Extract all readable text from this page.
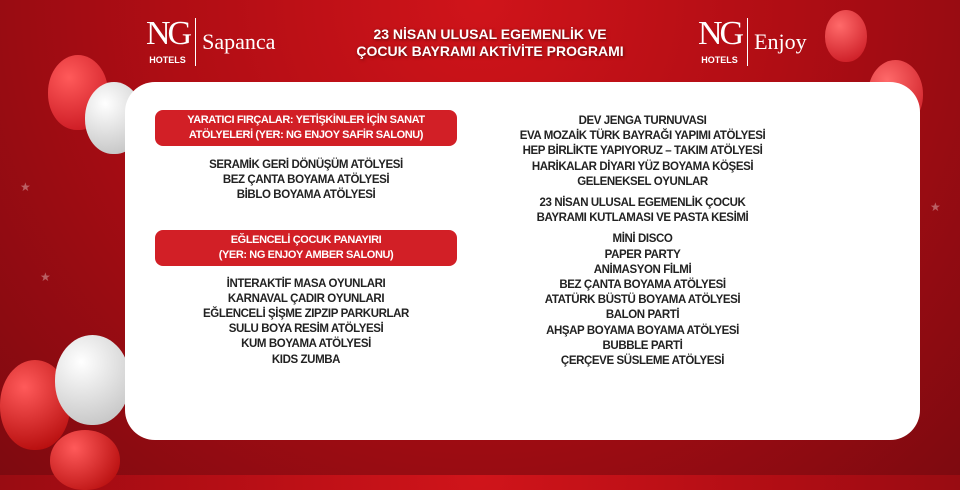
★
★
★
NG
HOTELS
Sapanca	NG
HOTELS
Enjoy
23 NİSAN ULUSAL EGEMENLİK VE
ÇOCUK BAYRAMI AKTİVİTE PROGRAMI
YARATICI FIRÇALAR: YETİŞKİNLER İÇİN SANAT
ATÖLYELERİ (YER: NG ENJOY SAFİR SALONU)
SERAMİK GERİ DÖNÜŞÜM ATÖLYESİ
BEZ ÇANTA BOYAMA ATÖLYESİ
BİBLO BOYAMA ATÖLYESİ
EĞLENCELİ ÇOCUK PANAYIRI
(YER: NG ENJOY AMBER SALONU)
İNTERAKTİF MASA OYUNLARI
KARNAVAL ÇADIR OYUNLARI
EĞLENCELİ ŞİŞME ZIPZIP PARKURLAR
SULU BOYA RESİM ATÖLYESİ
KUM BOYAMA ATÖLYESİ
KIDS ZUMBA
DEV JENGA TURNUVASI
EVA MOZAİK TÜRK BAYRAĞI YAPIMI ATÖLYESİ
HEP BİRLİKTE YAPIYORUZ – TAKIM ATÖLYESİ
HARİKALAR DİYARI YÜZ BOYAMA KÖŞESİ
GELENEKSEL OYUNLAR
23 NİSAN ULUSAL EGEMENLİK ÇOCUK
BAYRAMI KUTLAMASI VE PASTA KESİMİ
MİNİ DISCO
PAPER PARTY
ANİMASYON FİLMİ
BEZ ÇANTA BOYAMA ATÖLYESİ
ATATÜRK BÜSTÜ BOYAMA ATÖLYESİ
BALON PARTİ
AHŞAP BOYAMA BOYAMA ATÖLYESİ
BUBBLE PARTİ
ÇERÇEVE SÜSLEME ATÖLYESİ
